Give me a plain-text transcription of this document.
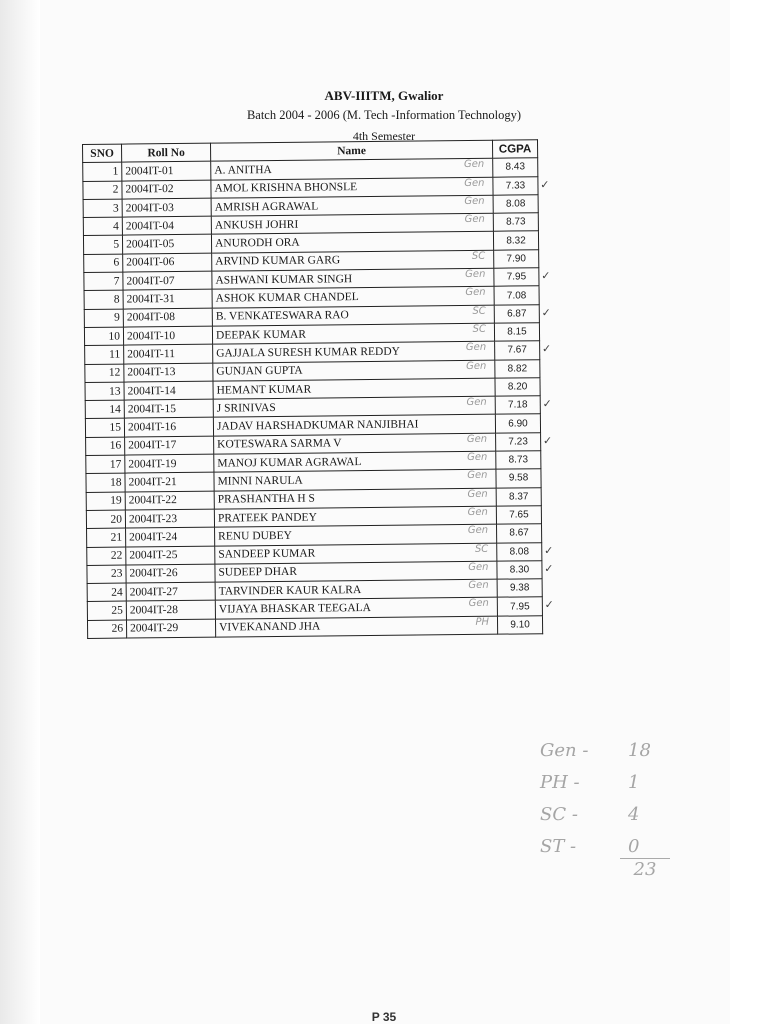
ABV-IIITM, Gwalior
Batch 2004 - 2006 (M. Tech -Information Technology)
4th Semester
SNO	Roll No	Name	CGPA
1	2004IT-01	A. ANITHA Gen	8.43

2	2004IT-02	AMOL KRISHNA BHONSLE Gen	7.33 ✓

3	2004IT-03	AMRISH AGRAWAL Gen	8.08

4	2004IT-04	ANKUSH JOHRI Gen	8.73

5	2004IT-05	ANURODH ORA	8.32

6	2004IT-06	ARVIND KUMAR GARG SC	7.90

7	2004IT-07	ASHWANI KUMAR SINGH Gen	7.95 ✓

8	2004IT-31	ASHOK KUMAR CHANDEL Gen	7.08

9	2004IT-08	B. VENKATESWARA RAO SC	6.87 ✓

10	2004IT-10	DEEPAK KUMAR SC	8.15

11	2004IT-11	GAJJALA SURESH KUMAR REDDY Gen	7.67 ✓

12	2004IT-13	GUNJAN GUPTA Gen	8.82

13	2004IT-14	HEMANT KUMAR	8.20

14	2004IT-15	J SRINIVAS Gen	7.18 ✓

15	2004IT-16	JADAV HARSHADKUMAR NANJIBHAI	6.90

16	2004IT-17	KOTESWARA SARMA V Gen	7.23 ✓

17	2004IT-19	MANOJ KUMAR AGRAWAL Gen	8.73

18	2004IT-21	MINNI NARULA Gen	9.58

19	2004IT-22	PRASHANTHA H S Gen	8.37

20	2004IT-23	PRATEEK PANDEY Gen	7.65

21	2004IT-24	RENU DUBEY Gen	8.67

22	2004IT-25	SANDEEP KUMAR SC	8.08 ✓

23	2004IT-26	SUDEEP DHAR Gen	8.30 ✓

24	2004IT-27	TARVINDER KAUR KALRA Gen	9.38

25	2004IT-28	VIJAYA BHASKAR TEEGALA Gen	7.95 ✓

26	2004IT-29	VIVEKANAND JHA PH	9.10
Gen - 18
PH -	1
SC -	4
ST -	0
23
P 35
